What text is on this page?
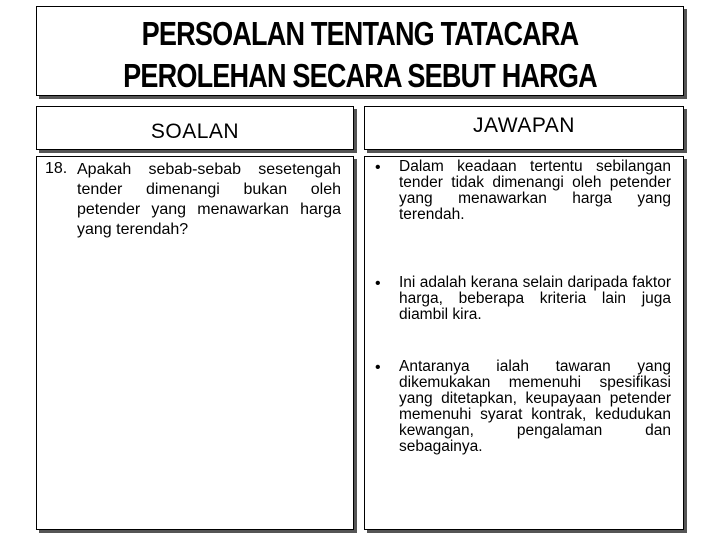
PERSOALAN TENTANG TATACARA
PEROLEHAN SECARA SEBUT HARGA
SOALAN	JAWAPAN
18. Apakah sebab-sebab sesetengah tender dimenangi bukan oleh petender yang menawarkan harga yang terendah?
• Dalam keadaan tertentu sebilangan tender tidak dimenangi oleh petender yang menawarkan harga yang terendah.
• Ini adalah kerana selain daripada faktor harga, beberapa kriteria lain juga diambil kira.
• Antaranya ialah tawaran yang dikemukakan memenuhi spesifikasi yang ditetapkan, keupayaan petender memenuhi syarat kontrak, kedudukan kewangan, pengalaman dan sebagainya.
